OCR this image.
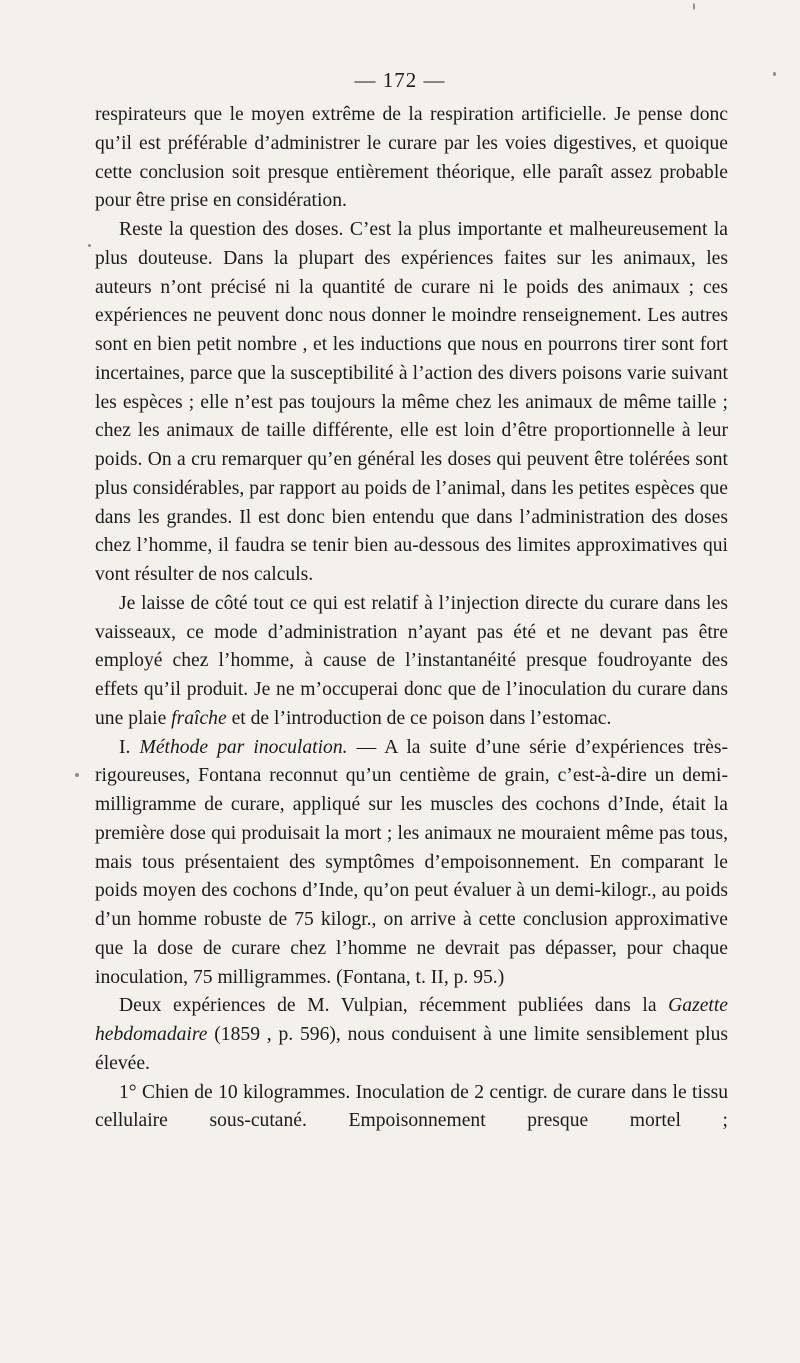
— 172 —

respirateurs que le moyen extrême de la respiration artificielle. Je pense donc qu’il est préférable d’administrer le curare par les voies digestives, et quoique cette conclusion soit presque entièrement théorique, elle paraît assez probable pour être prise en considération.

Reste la question des doses. C’est la plus importante et malheureusement la plus douteuse. Dans la plupart des expériences faites sur les animaux, les auteurs n’ont précisé ni la quantité de curare ni le poids des animaux ; ces expériences ne peuvent donc nous donner le moindre renseignement. Les autres sont en bien petit nombre , et les inductions que nous en pourrons tirer sont fort incertaines, parce que la susceptibilité à l’action des divers poisons varie suivant les espèces ; elle n’est pas toujours la même chez les animaux de même taille ; chez les animaux de taille différente, elle est loin d’être proportionnelle à leur poids. On a cru remarquer qu’en général les doses qui peuvent être tolérées sont plus considérables, par rapport au poids de l’animal, dans les petites espèces que dans les grandes. Il est donc bien entendu que dans l’administration des doses chez l’homme, il faudra se tenir bien au-dessous des limites approximatives qui vont résulter de nos calculs.

Je laisse de côté tout ce qui est relatif à l’injection directe du curare dans les vaisseaux, ce mode d’administration n’ayant pas été et ne devant pas être employé chez l’homme, à cause de l’instantanéité presque foudroyante des effets qu’il produit. Je ne m’occuperai donc que de l’inoculation du curare dans une plaie fraîche et de l’introduction de ce poison dans l’estomac.

I. Méthode par inoculation. — A la suite d’une série d’expériences très-rigoureuses, Fontana reconnut qu’un centième de grain, c’est-à-dire un demi-milligramme de curare, appliqué sur les muscles des cochons d’Inde, était la première dose qui produisait la mort ; les animaux ne mouraient même pas tous, mais tous présentaient des symptômes d’empoisonnement. En comparant le poids moyen des cochons d’Inde, qu’on peut évaluer à un demi-kilogr., au poids d’un homme robuste de 75 kilogr., on arrive à cette conclusion approximative que la dose de curare chez l’homme ne devrait pas dépasser, pour chaque inoculation, 75 milligrammes. (Fontana, t. II, p. 95.)

Deux expériences de M. Vulpian, récemment publiées dans la Gazette hebdomadaire (1859 , p. 596), nous conduisent à une limite sensiblement plus élevée.

1° Chien de 10 kilogrammes. Inoculation de 2 centigr. de curare dans le tissu cellulaire sous-cutané. Empoisonnement presque mortel ;
